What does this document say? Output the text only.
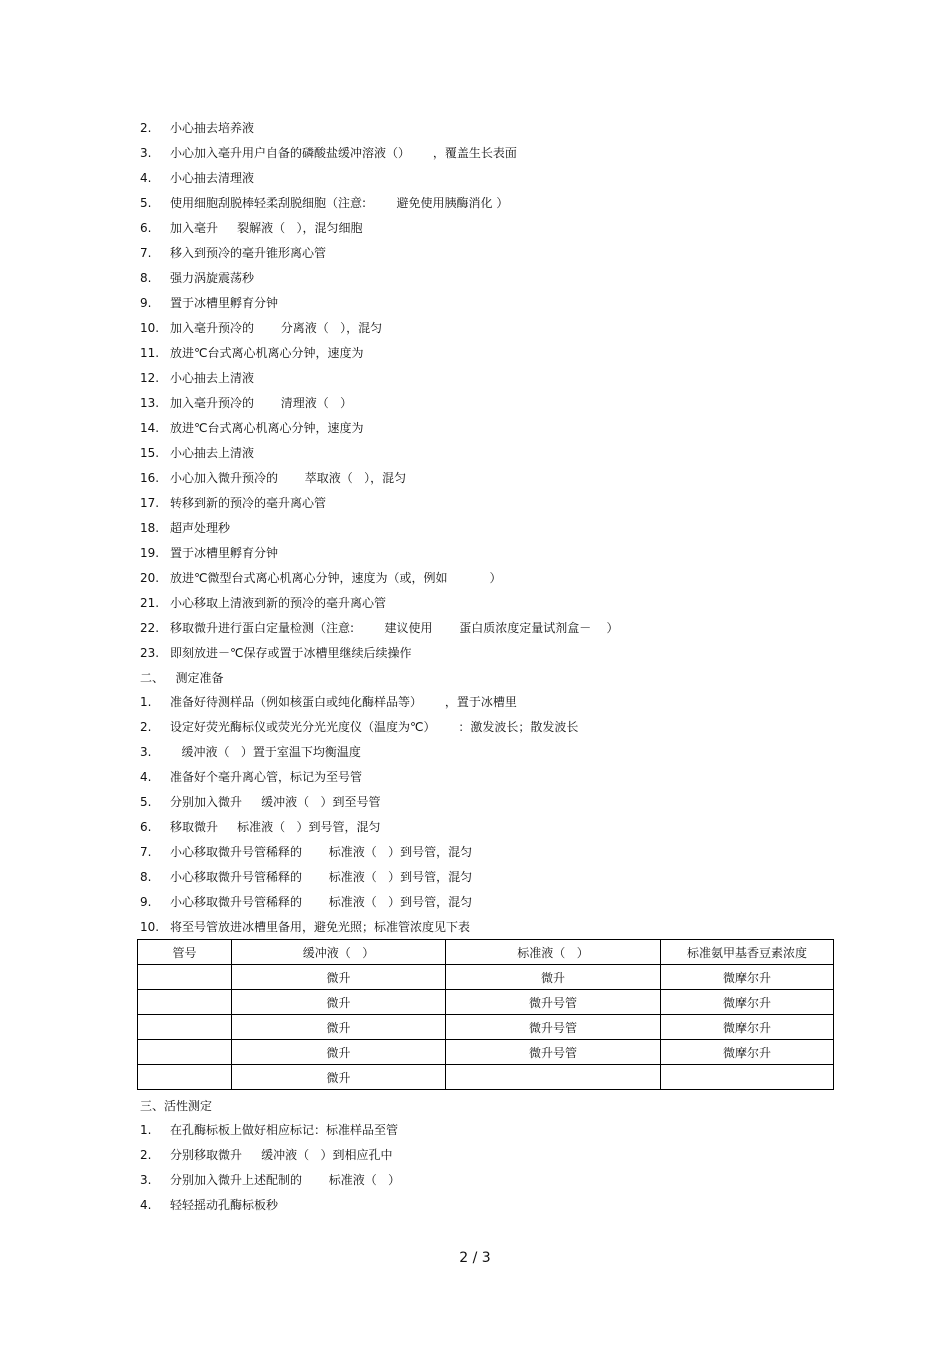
2. 小心抽去培养液
3. 小心加入毫升用户自备的磷酸盐缓冲溶液（）      ，覆盖生长表面
4. 小心抽去清理液
5. 使用细胞刮脱棒轻柔刮脱细胞（注意:        避免使用胰酶消化 ）
6. 加入毫升     裂解液（   ），混匀细胞
7. 移入到预冷的毫升锥形离心管
8. 强力涡旋震荡秒
9. 置于冰槽里孵育分钟
10. 加入毫升预冷的       分离液（   ），混匀
11. 放进℃台式离心机离心分钟，速度为
12. 小心抽去上清液
13. 加入毫升预冷的       清理液（   ）
14. 放进℃台式离心机离心分钟，速度为
15. 小心抽去上清液
16. 小心加入微升预冷的       萃取液（   ），混匀
17. 转移到新的预冷的毫升离心管
18. 超声处理秒
19. 置于冰槽里孵育分钟
20. 放进℃微型台式离心机离心分钟，速度为（或，例如           ）
21. 小心移取上清液到新的预冷的毫升离心管
22. 移取微升进行蛋白定量检测（注意:        建议使用       蛋白质浓度定量试剂盒－    ）
23. 即刻放进－℃保存或置于冰槽里继续后续操作
二、   测定准备
1. 准备好待测样品（例如核蛋白或纯化酶样品等）      ，置于冰槽里
2. 设定好荧光酶标仪或荧光分光光度仪（温度为℃）      ：激发波长；散发波长
3.   缓冲液（   ）置于室温下均衡温度
4. 准备好个毫升离心管，标记为至号管
5. 分别加入微升     缓冲液（   ）到至号管
6. 移取微升     标准液（   ）到号管，混匀
7. 小心移取微升号管稀释的       标准液（   ）到号管，混匀
8. 小心移取微升号管稀释的       标准液（   ）到号管，混匀
9. 小心移取微升号管稀释的       标准液（   ）到号管，混匀
10. 将至号管放进冰槽里备用，避免光照；标准管浓度见下表
管号	缓冲液（   ）	标准液（   ）	标准氨甲基香豆素浓度
	微升	微升	微摩尔升
	微升	微升号管	微摩尔升
	微升	微升号管	微摩尔升
	微升	微升号管	微摩尔升
	微升		
三、活性测定
1. 在孔酶标板上做好相应标记：标准样品至管
2. 分别移取微升     缓冲液（   ）到相应孔中
3. 分别加入微升上述配制的       标准液（   ）
4. 轻轻摇动孔酶标板秒
2 / 3
